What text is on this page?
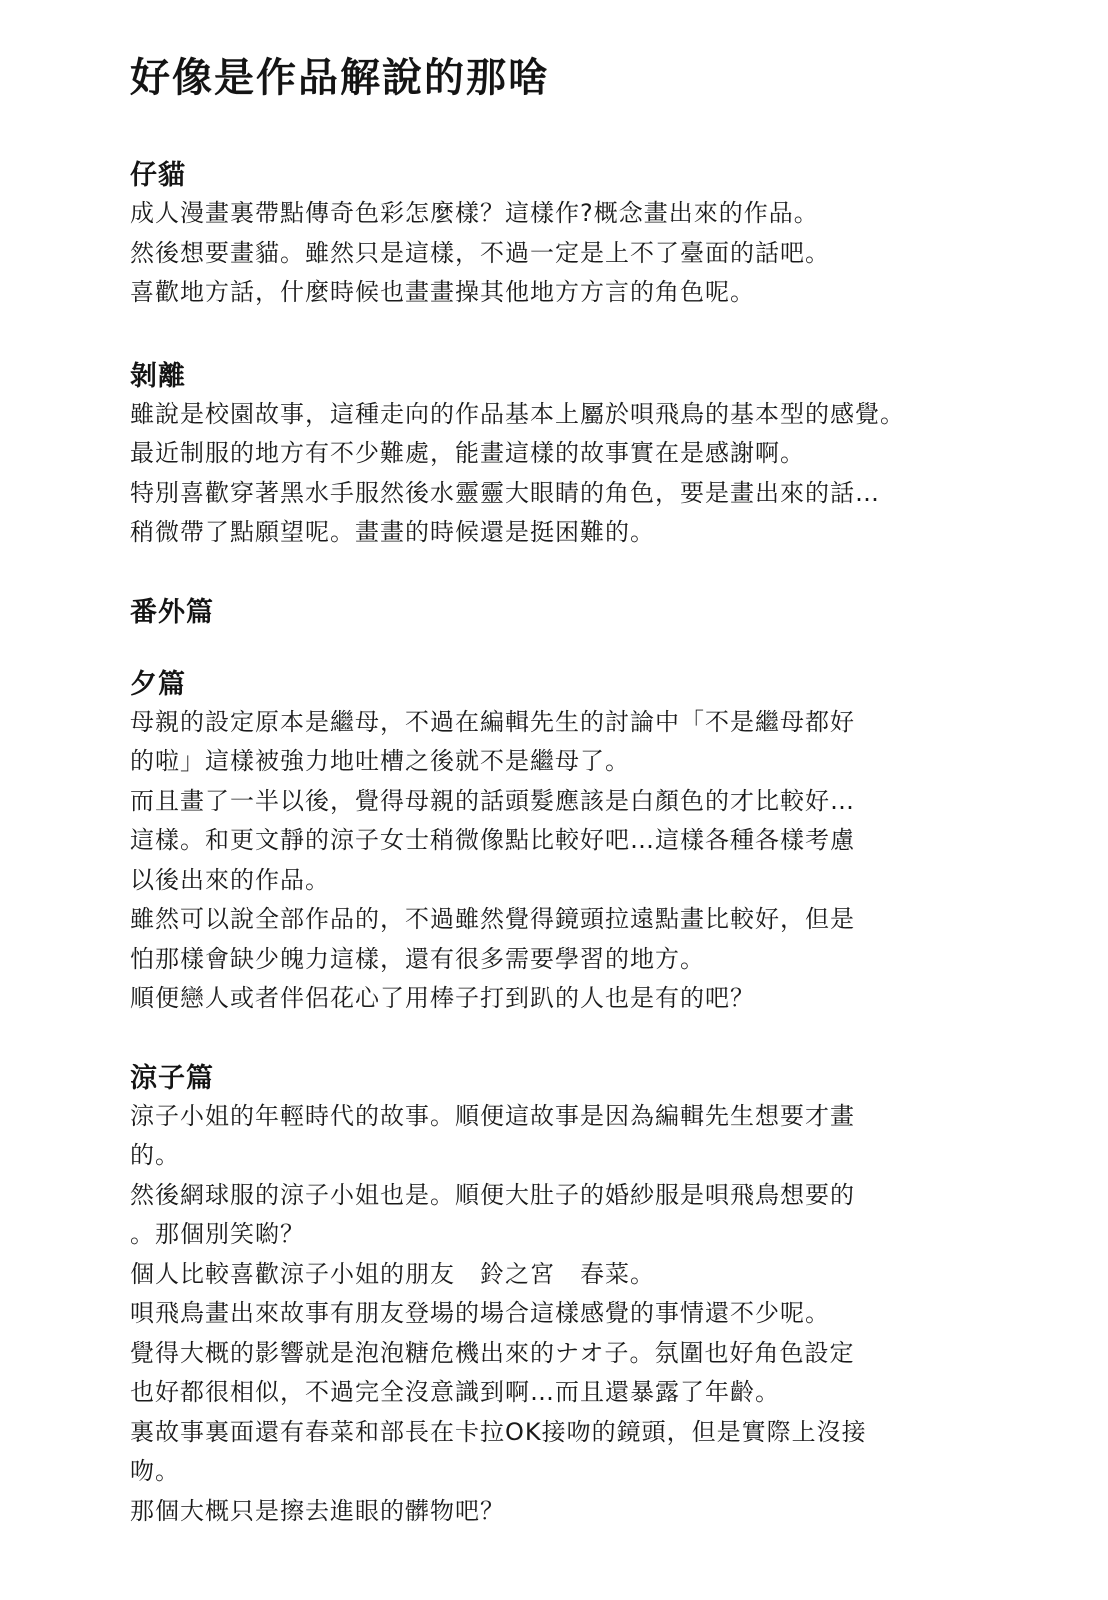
好像是作品解說的那啥
仔貓

成人漫畫裏帶點傳奇色彩怎麼樣？這樣作?概念畫出來的作品。

然後想要畫貓。雖然只是這樣，不過一定是上不了臺面的話吧。

喜歡地方話，什麼時候也畫畫操其他地方方言的角色呢。

剝離

雖說是校園故事，這種走向的作品基本上屬於唄飛鳥的基本型的感覺。

最近制服的地方有不少難處，能畫這樣的故事實在是感謝啊。

特別喜歡穿著黑水手服然後水靈靈大眼睛的角色，要是畫出來的話…

稍微帶了點願望呢。畫畫的時候還是挺困難的。

番外篇
夕篇

母親的設定原本是繼母，不過在編輯先生的討論中「不是繼母都好

的啦」這樣被強力地吐槽之後就不是繼母了。

而且畫了一半以後，覺得母親的話頭髮應該是白顏色的才比較好…

這樣。和更文靜的涼子女士稍微像點比較好吧…這樣各種各樣考慮

以後出來的作品。

雖然可以說全部作品的，不過雖然覺得鏡頭拉遠點畫比較好，但是

怕那樣會缺少魄力這樣，還有很多需要學習的地方。

順便戀人或者伴侶花心了用棒子打到趴的人也是有的吧？

涼子篇

涼子小姐的年輕時代的故事。順便這故事是因為編輯先生想要才畫

的。

然後網球服的涼子小姐也是。順便大肚子的婚紗服是唄飛鳥想要的

。那個別笑喲？

個人比較喜歡涼子小姐的朋友　鈴之宮　春菜。

唄飛鳥畫出來故事有朋友登場的場合這樣感覺的事情還不少呢。

覺得大概的影響就是泡泡糖危機出來的ナオ子。氛圍也好角色設定

也好都很相似，不過完全沒意識到啊…而且還暴露了年齡。

裏故事裏面還有春菜和部長在卡拉OK接吻的鏡頭，但是實際上沒接

吻。

那個大概只是擦去進眼的髒物吧？
